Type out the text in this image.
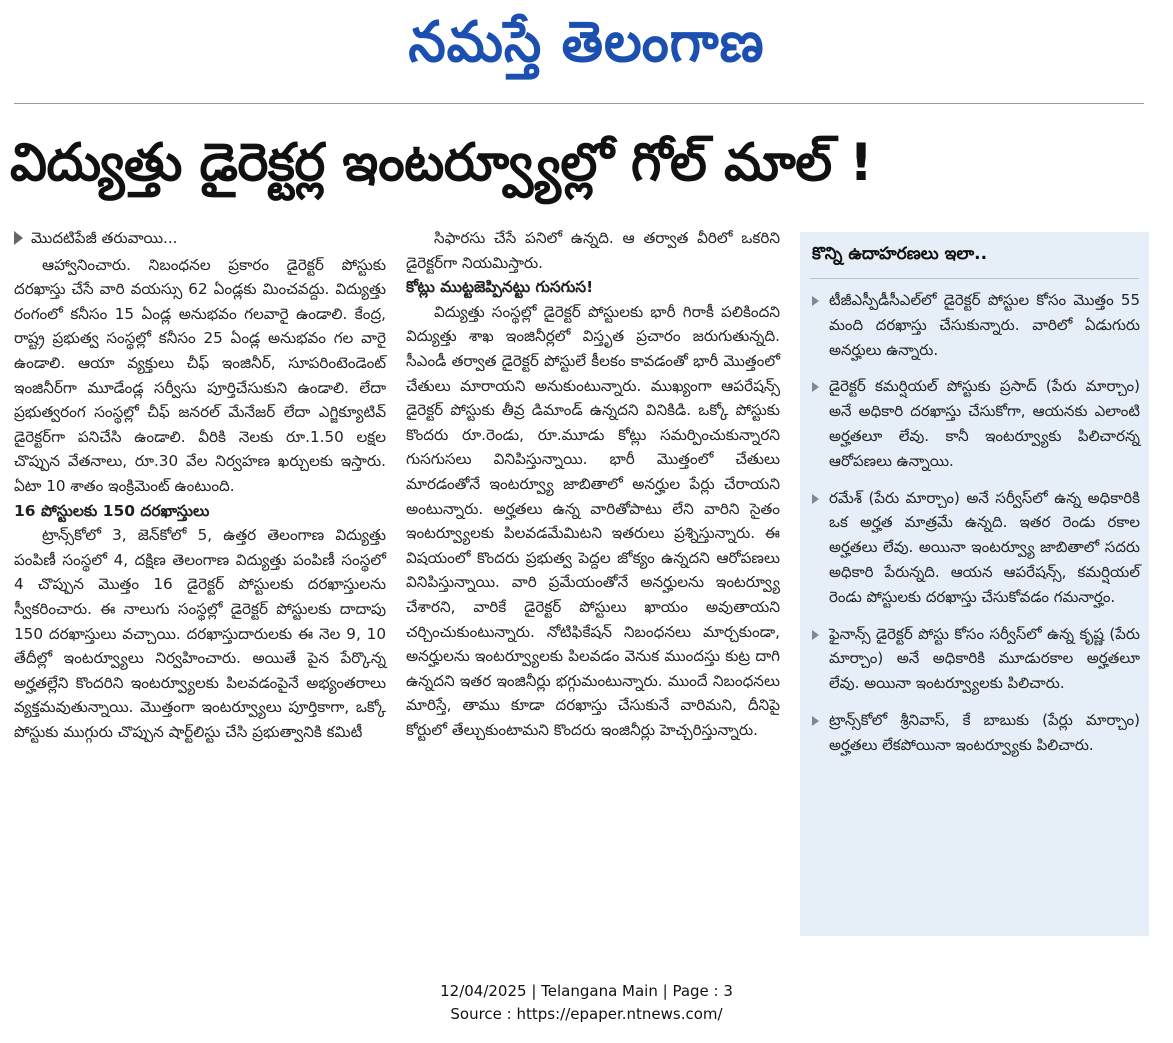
నమస్తే తెలంగాణ
విద్యుత్తు డైరెక్టర్ల ఇంటర్వ్యూల్లో గోల్ మాల్ !
మొదటిపేజీ తరువాయి...

ఆహ్వానించారు. నిబంధనల ప్రకారం డైరెక్టర్ పోస్టుకు దరఖాస్తు చేసే వారి వయస్సు 62 ఏండ్లకు మించవద్దు. విద్యుత్తు రంగంలో కనీసం 15 ఏండ్ల అనుభవం గలవారై ఉండాలి. కేంద్ర, రాష్ట్ర ప్రభుత్వ సంస్థల్లో కనీసం 25 ఏండ్ల అనుభవం గల వారై ఉండాలి. ఆయా వ్యక్తులు చీఫ్ ఇంజినీర్, సూపరింటెండెంట్ ఇంజినీర్‌గా మూడేండ్ల సర్వీసు పూర్తిచేసుకుని ఉండాలి. లేదా ప్రభుత్వరంగ సంస్థల్లో చీఫ్ జనరల్ మేనేజర్ లేదా ఎగ్జిక్యూటివ్ డైరెక్టర్‌గా పనిచేసి ఉండాలి. వీరికి నెలకు రూ.1.50 లక్షల చొప్పున వేతనాలు, రూ.30 వేల నిర్వహణ ఖర్చులకు ఇస్తారు. ఏటా 10 శాతం ఇంక్రిమెంట్ ఉంటుంది.

16 పోస్టులకు 150 దరఖాస్తులు

ట్రాన్స్‌కోలో 3, జెన్‌కోలో 5, ఉత్తర తెలంగాణ విద్యుత్తు పంపిణీ సంస్థలో 4, దక్షిణ తెలంగాణ విద్యుత్తు పంపిణీ సంస్థలో 4 చొప్పున మొత్తం 16 డైరెక్టర్ పోస్టులకు దరఖాస్తులను స్వీకరించారు. ఈ నాలుగు సంస్థల్లో డైరెక్టర్ పోస్టులకు దాదాపు 150 దరఖాస్తులు వచ్చాయి. దరఖాస్తుదారులకు ఈ నెల 9, 10 తేదీల్లో ఇంటర్వ్యూలు నిర్వహించారు. అయితే పైన పేర్కొన్న అర్హతల్లేని కొందరిని ఇంటర్వ్యూలకు పిలవడంపైనే అభ్యంతరాలు వ్యక్తమవుతున్నాయి. మొత్తంగా ఇంటర్వ్యూలు పూర్తికాగా, ఒక్కో పోస్టుకు ముగ్గురు చొప్పున షార్ట్‌లిస్టు చేసి ప్రభుత్వానికి కమిటీ

సిఫారసు చేసే పనిలో ఉన్నది. ఆ తర్వాత వీరిలో ఒకరిని డైరెక్టర్‌గా నియమిస్తారు.

కోట్లు ముట్టజెప్పినట్టు గుసగుస!

విద్యుత్తు సంస్థల్లో డైరెక్టర్ పోస్టులకు భారీ గిరాకీ పలికిందని విద్యుత్తు శాఖ ఇంజినీర్లలో విస్తృత ప్రచారం జరుగుతున్నది. సీఎండీ తర్వాత డైరెక్టర్ పోస్టులే కీలకం కావడంతో భారీ మొత్తంలో చేతులు మారాయని అనుకుంటున్నారు. ముఖ్యంగా ఆపరేషన్స్ డైరెక్టర్ పోస్టుకు తీవ్ర డిమాండ్ ఉన్నదని వినికిడి. ఒక్కో పోస్టుకు కొందరు రూ.రెండు, రూ.మూడు కోట్లు సమర్పించుకున్నారని గుసగుసలు వినిపిస్తున్నాయి. భారీ మొత్తంలో చేతులు మారడంతోనే ఇంటర్వ్యూ జాబితాలో అనర్హుల పేర్లు చేరాయని అంటున్నారు. అర్హతలు ఉన్న వారితోపాటు లేని వారిని సైతం ఇంటర్వ్యూలకు పిలవడమేమిటని ఇతరులు ప్రశ్నిస్తున్నారు. ఈ విషయంలో కొందరు ప్రభుత్వ పెద్దల జోక్యం ఉన్నదని ఆరోపణలు వినిపిస్తున్నాయి. వారి ప్రమేయంతోనే అనర్హులను ఇంటర్వ్యూ చేశారని, వారికే డైరెక్టర్ పోస్టులు ఖాయం అవుతాయని చర్చించుకుంటున్నారు. నోటిఫికేషన్ నిబంధనలు మార్చకుండా, అనర్హులను ఇంటర్వ్యూలకు పిలవడం వెనుక ముందస్తు కుట్ర దాగి ఉన్నదని ఇతర ఇంజినీర్లు భగ్గుమంటున్నారు. ముందే నిబంధనలు మారిస్తే, తాము కూడా దరఖాస్తు చేసుకునే వారిమని, దీనిపై కోర్టులో తేల్చుకుంటామని కొందరు ఇంజినీర్లు హెచ్చరిస్తున్నారు.

కొన్ని ఉదాహరణలు ఇలా..
టీజీఎస్పీడీసీఎల్‌లో డైరెక్టర్ పోస్టుల కోసం మొత్తం 55 మంది దరఖాస్తు చేసుకున్నారు. వారిలో ఏడుగురు అనర్హులు ఉన్నారు.
డైరెక్టర్ కమర్షియల్ పోస్టుకు ప్రసాద్ (పేరు మార్చాం) అనే అధికారి దరఖాస్తు చేసుకోగా, ఆయనకు ఎలాంటి అర్హతలూ లేవు. కానీ ఇంటర్వ్యూకు పిలిచారన్న ఆరోపణలు ఉన్నాయి.
రమేశ్ (పేరు మార్చాం) అనే సర్వీస్‌లో ఉన్న అధికారికి ఒక అర్హత మాత్రమే ఉన్నది. ఇతర రెండు రకాల అర్హతలు లేవు. అయినా ఇంటర్వ్యూ జాబితాలో సదరు అధికారి పేరున్నది. ఆయన ఆపరేషన్స్, కమర్షియల్ రెండు పోస్టులకు దరఖాస్తు చేసుకోవడం గమనార్హం.
ఫైనాన్స్ డైరెక్టర్ పోస్టు కోసం సర్వీస్‌లో ఉన్న కృష్ణ (పేరు మార్చాం) అనే అధికారికి మూడురకాల అర్హతలూ లేవు. అయినా ఇంటర్వ్యూలకు పిలిచారు.
ట్రాన్స్‌కోలో శ్రీనివాస్, కే బాబుకు (పేర్లు మార్చాం) అర్హతలు లేకపోయినా ఇంటర్వ్యూకు పిలిచారు.
12/04/2025 | Telangana Main | Page : 3
Source : https://epaper.ntnews.com/
